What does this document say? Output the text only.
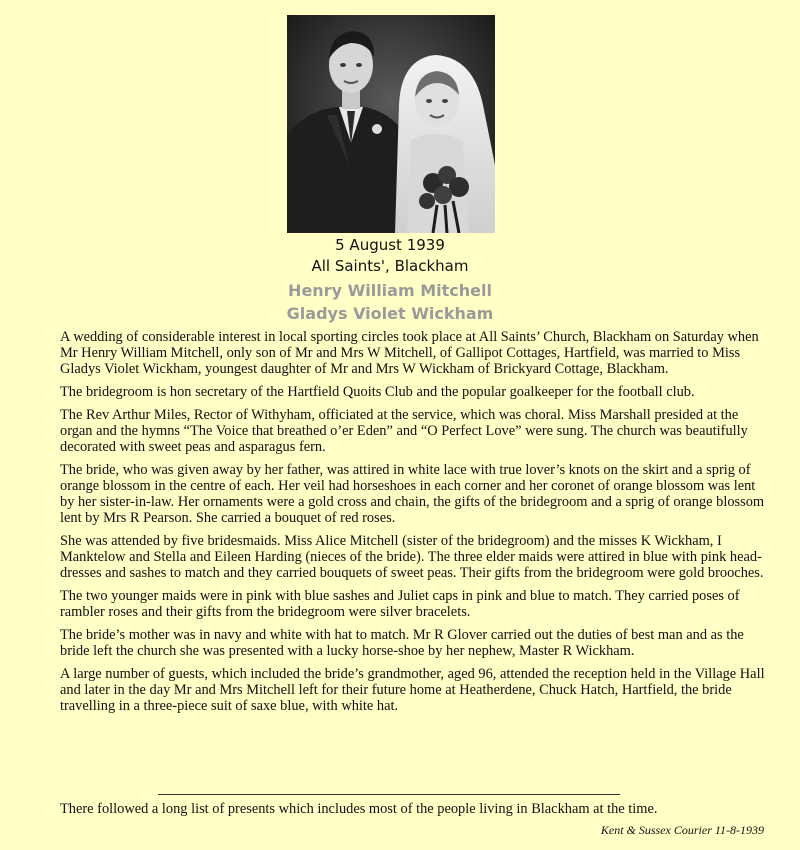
5 August 1939
All Saints', Blackham
Henry William Mitchell
Gladys Violet Wickham

A wedding of considerable interest in local sporting circles took place at All Saints’ Church, Blackham on Saturday when Mr Henry William Mitchell, only son of Mr and Mrs W Mitchell, of Gallipot Cottages, Hartfield, was married to Miss Gladys Violet Wickham, youngest daughter of Mr and Mrs W Wickham of Brickyard Cottage, Blackham.

The bridegroom is hon secretary of the Hartfield Quoits Club and the popular goalkeeper for the football club.

The Rev Arthur Miles, Rector of Withyham, officiated at the service, which was choral. Miss Marshall presided at the organ and the hymns “The Voice that breathed o’er Eden” and “O Perfect Love” were sung. The church was beautifully decorated with sweet peas and asparagus fern.

The bride, who was given away by her father, was attired in white lace with true lover’s knots on the skirt and a sprig of orange blossom in the centre of each. Her veil had horseshoes in each corner and her coronet of orange blossom was lent by her sister-in-law. Her ornaments were a gold cross and chain, the gifts of the bridegroom and a sprig of orange blossom lent by Mrs R Pearson. She carried a bouquet of red roses.

She was attended by five bridesmaids. Miss Alice Mitchell (sister of the bridegroom) and the misses K Wickham, I Manktelow and Stella and Eileen Harding (nieces of the bride). The three elder maids were attired in blue with pink head-dresses and sashes to match and they carried bouquets of sweet peas. Their gifts from the bridegroom were gold brooches.

The two younger maids were in pink with blue sashes and Juliet caps in pink and blue to match. They carried poses of rambler roses and their gifts from the bridegroom were silver bracelets.

The bride’s mother was in navy and white with hat to match. Mr R Glover carried out the duties of best man and as the bride left the church she was presented with a lucky horse-shoe by her nephew, Master R Wickham.

A large number of guests, which included the bride’s grandmother, aged 96, attended the reception held in the Village Hall and later in the day Mr and Mrs Mitchell left for their future home at Heatherdene, Chuck Hatch, Hartfield, the bride travelling in a three-piece suit of saxe blue, with white hat.

There followed a long list of presents which includes most of the people living in Blackham at the time.
Kent & Sussex Courier 11-8-1939
